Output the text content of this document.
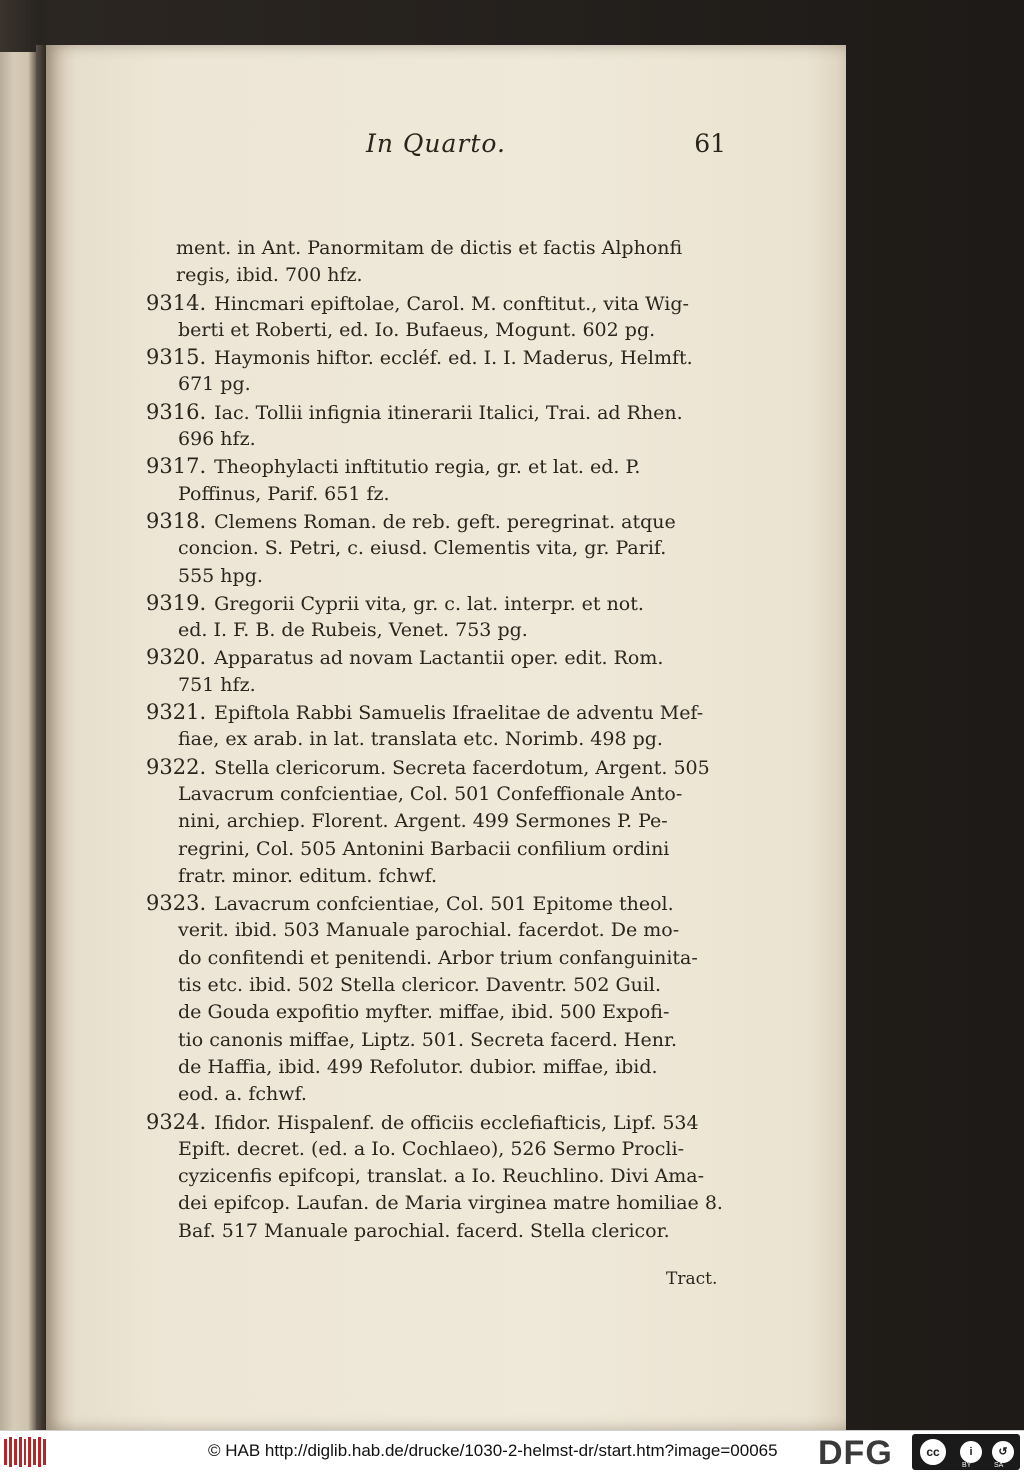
In Quarto.	61
ment. in Ant. Panormitam de dictis et factis Alphonfi
regis, ibid. 700 hfz.
9314. Hincmari epiftolae, Carol. M. conftitut., vita Wig-
berti et Roberti, ed. Io. Bufaeus, Mogunt. 602 pg.
9315. Haymonis hiftor. eccléf. ed. I. I. Maderus, Helmft.
671 pg.
9316. Iac. Tollii infignia itinerarii Italici, Trai. ad Rhen.
696 hfz.
9317. Theophylacti inftitutio regia, gr. et lat. ed. P.
Poffinus, Parif. 651 fz.
9318. Clemens Roman. de reb. geft. peregrinat. atque
concion. S. Petri, c. eiusd. Clementis vita, gr. Parif.
555 hpg.
9319. Gregorii Cyprii vita, gr. c. lat. interpr. et not.
ed. I. F. B. de Rubeis, Venet. 753 pg.
9320. Apparatus ad novam Lactantii oper. edit. Rom.
751 hfz.
9321. Epiftola Rabbi Samuelis Ifraelitae de adventu Mef-
fiae, ex arab. in lat. translata etc. Norimb. 498 pg.
9322. Stella clericorum. Secreta facerdotum, Argent. 505
Lavacrum confcientiae, Col. 501 Confeffionale Anto-
nini, archiep. Florent. Argent. 499 Sermones P. Pe-
regrini, Col. 505 Antonini Barbacii confilium ordini
fratr. minor. editum. fchwf.
9323. Lavacrum confcientiae, Col. 501 Epitome theol.
verit. ibid. 503 Manuale parochial. facerdot. De mo-
do confitendi et penitendi. Arbor trium confanguinita-
tis etc. ibid. 502 Stella clericor. Daventr. 502 Guil.
de Gouda expofitio myfter. miffae, ibid. 500 Expofi-
tio canonis miffae, Liptz. 501. Secreta facerd. Henr.
de Haffia, ibid. 499 Refolutor. dubior. miffae, ibid.
eod. a. fchwf.
9324. Ifidor. Hispalenf. de officiis ecclefiafticis, Lipf. 534
Epift. decret. (ed. a Io. Cochlaeo), 526 Sermo Procli-
cyzicenfis epifcopi, translat. a Io. Reuchlino. Divi Ama-
dei epifcop. Laufan. de Maria virginea matre homiliae 8.
Baf. 517 Manuale parochial. facerd. Stella clericor.
Tract.
© HAB http://diglib.hab.de/drucke/1030-2-helmst-dr/start.htm?image=00065 DFG	cc	i	↺
BY	SA
